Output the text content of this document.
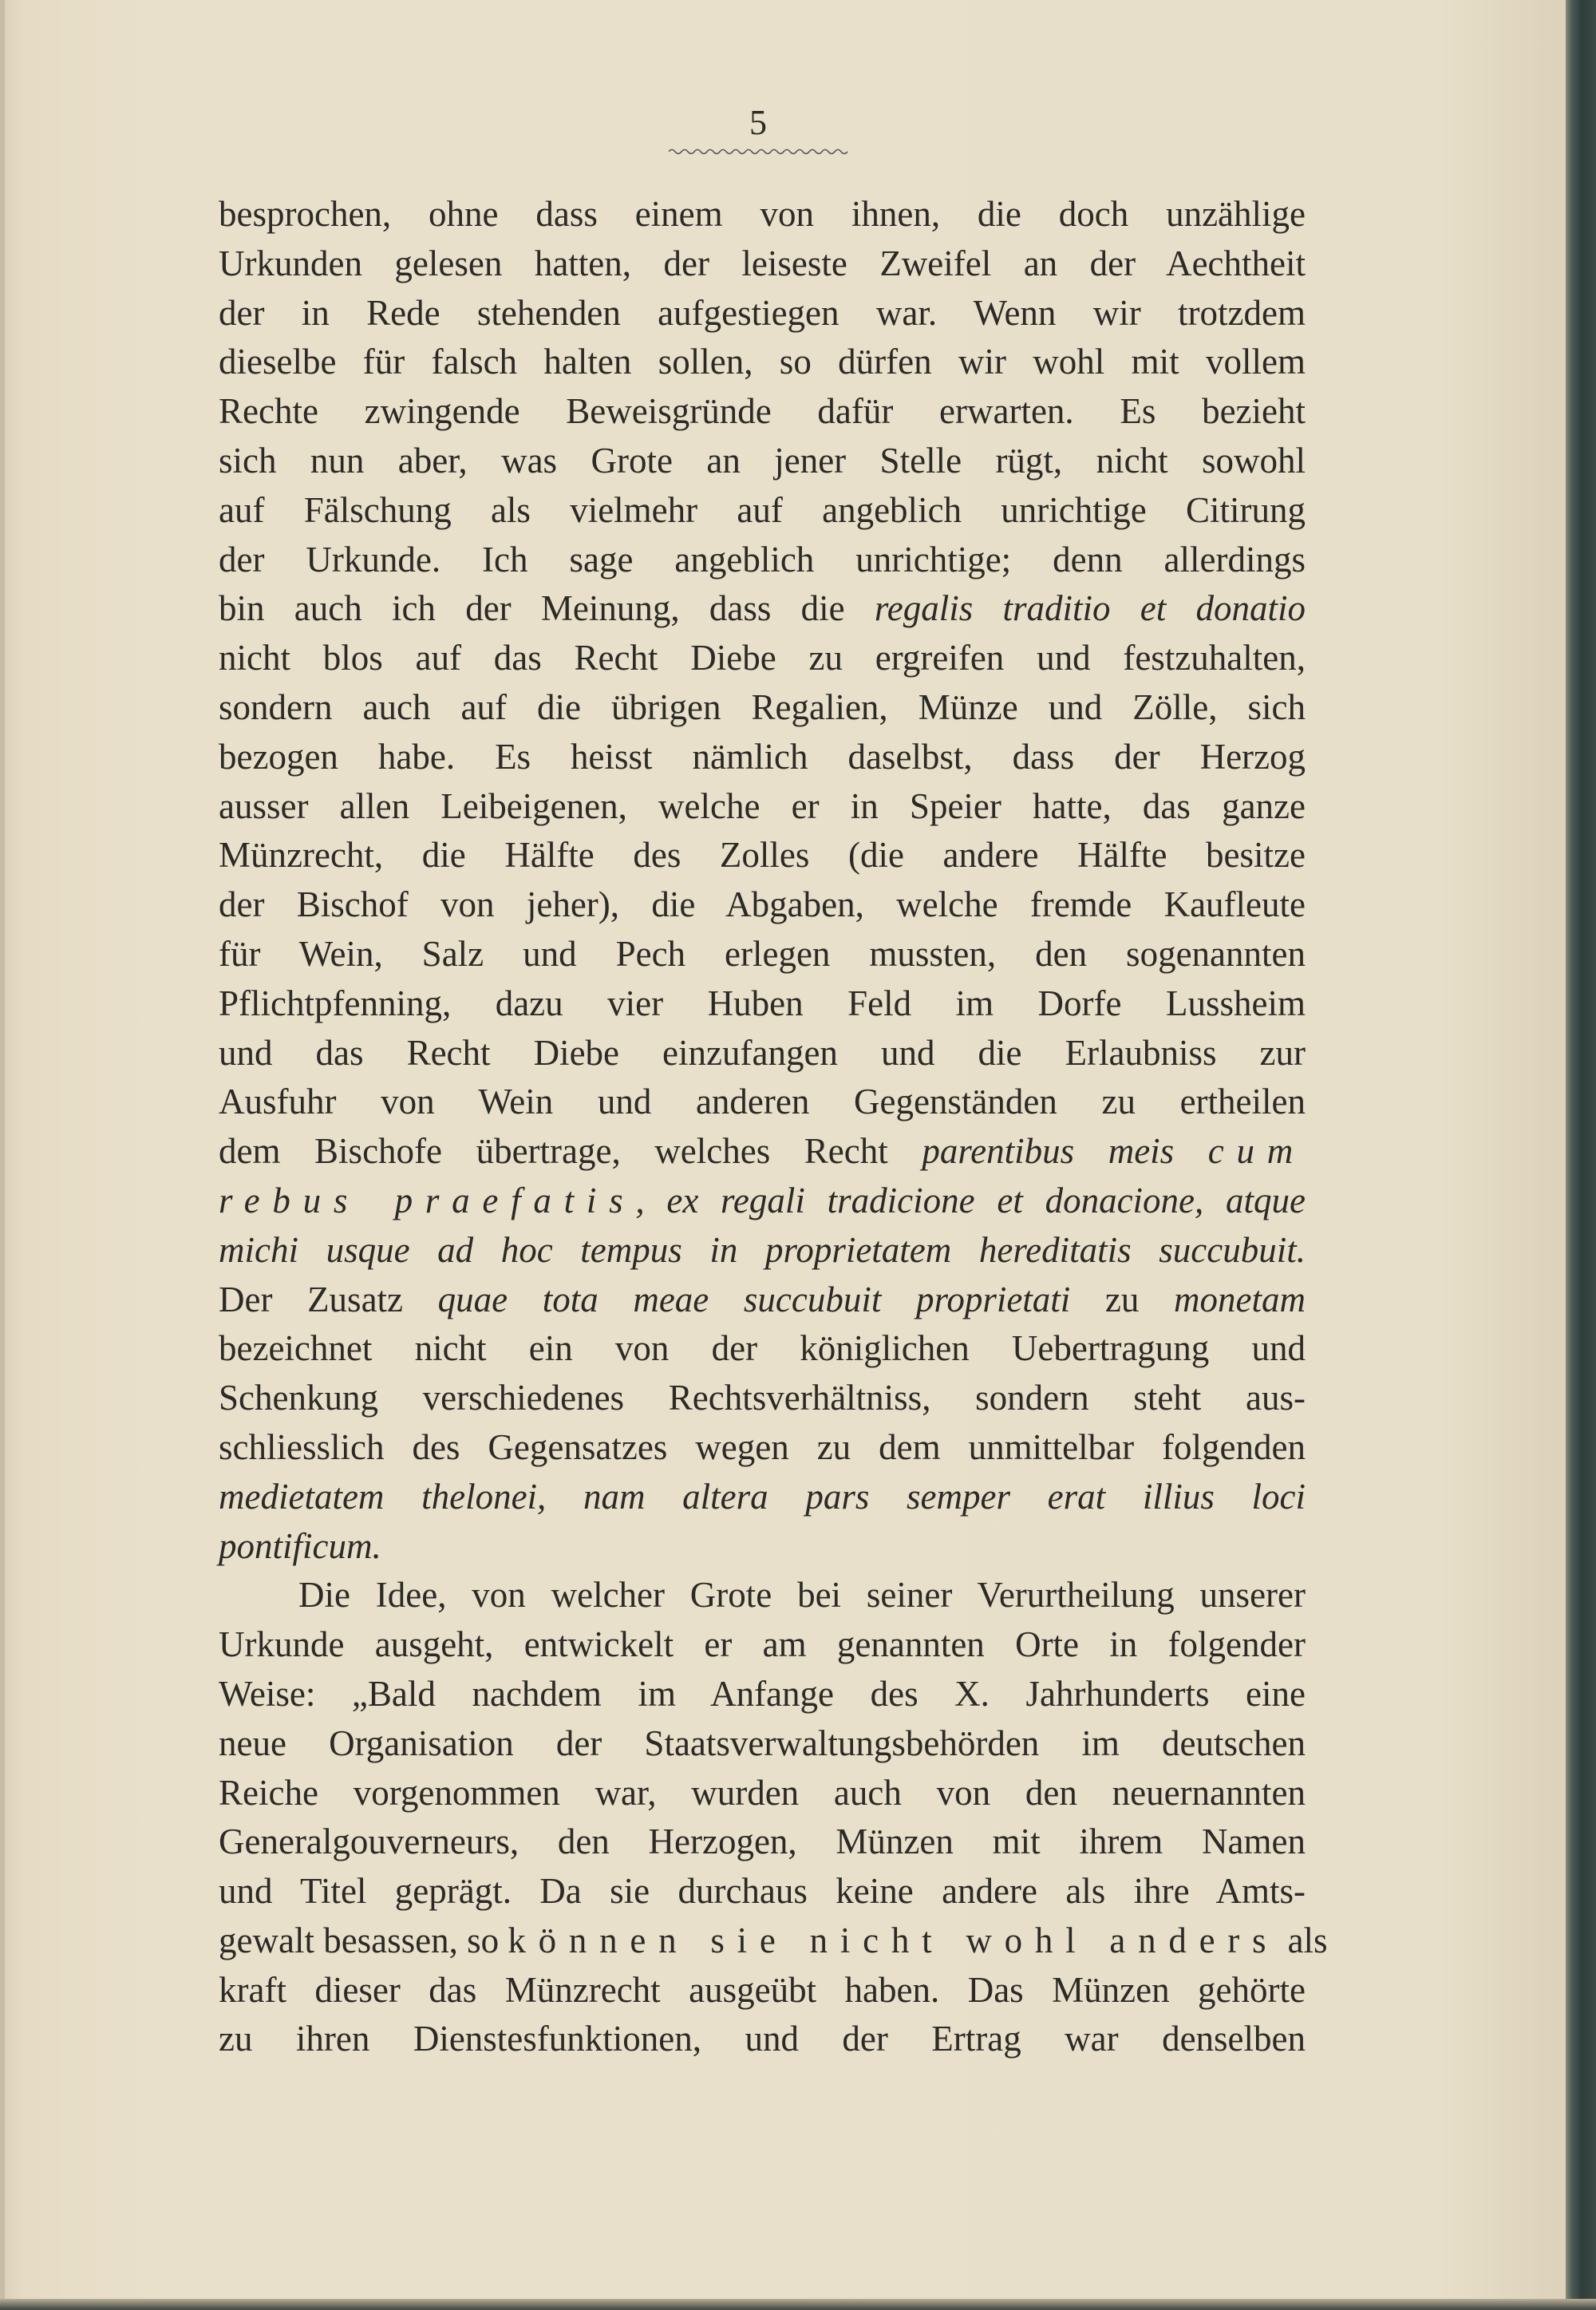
5
besprochen, ohne dass einem von ihnen, die doch unzählige
Urkunden gelesen hatten, der leiseste Zweifel an der Aechtheit
der in Rede stehenden aufgestiegen war. Wenn wir trotzdem
dieselbe für falsch halten sollen, so dürfen wir wohl mit vollem
Rechte zwingende Beweisgründe dafür erwarten. Es bezieht
sich nun aber, was Grote an jener Stelle rügt, nicht sowohl
auf Fälschung als vielmehr auf angeblich unrichtige Citirung
der Urkunde. Ich sage angeblich unrichtige; denn allerdings
bin auch ich der Meinung, dass die regalis traditio et donatio
nicht blos auf das Recht Diebe zu ergreifen und festzuhalten,
sondern auch auf die übrigen Regalien, Münze und Zölle, sich
bezogen habe. Es heisst nämlich daselbst, dass der Herzog
ausser allen Leibeigenen, welche er in Speier hatte, das ganze
Münzrecht, die Hälfte des Zolles (die andere Hälfte besitze
der Bischof von jeher), die Abgaben, welche fremde Kaufleute
für Wein, Salz und Pech erlegen mussten, den sogenannten
Pflichtpfenning, dazu vier Huben Feld im Dorfe Lussheim
und das Recht Diebe einzufangen und die Erlaubniss zur
Ausfuhr von Wein und anderen Gegenständen zu ertheilen
dem Bischofe übertrage, welches Recht parentibus meis cum
rebus praefatis, ex regali tradicione et donacione, atque
michi usque ad hoc tempus in proprietatem hereditatis succubuit.
Der Zusatz quae tota meae succubuit proprietati zu monetam
bezeichnet nicht ein von der königlichen Uebertragung und
Schenkung verschiedenes Rechtsverhältniss, sondern steht aus-
schliesslich des Gegensatzes wegen zu dem unmittelbar folgenden
medietatem thelonei, nam altera pars semper erat illius loci
pontificum.
Die Idee, von welcher Grote bei seiner Verurtheilung unserer
Urkunde ausgeht, entwickelt er am genannten Orte in folgender
Weise: „Bald nachdem im Anfange des X. Jahrhunderts eine
neue Organisation der Staatsverwaltungsbehörden im deutschen
Reiche vorgenommen war, wurden auch von den neuernannten
Generalgouverneurs, den Herzogen, Münzen mit ihrem Namen
und Titel geprägt. Da sie durchaus keine andere als ihre Amts-
gewalt besassen, so können sie nicht wohl anders als
kraft dieser das Münzrecht ausgeübt haben. Das Münzen gehörte
zu ihren Dienstesfunktionen, und der Ertrag war denselben
